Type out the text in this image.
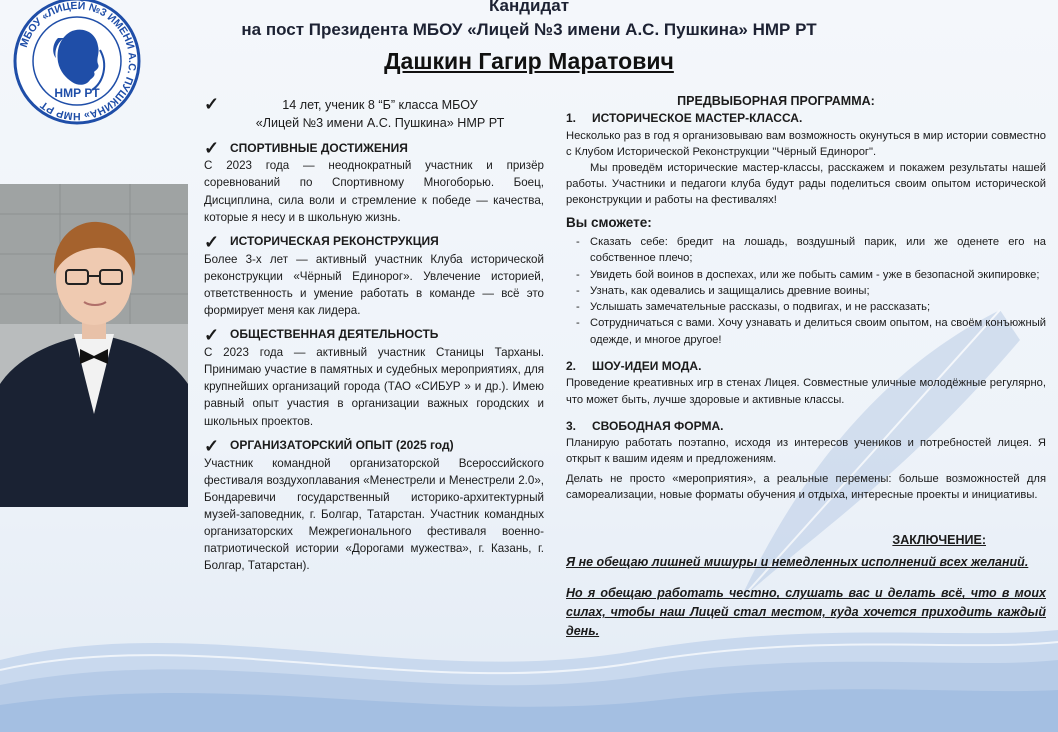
Кандидат
на пост Президента МБОУ «Лицей №3 имени А.С. Пушкина» НМР РТ
Дашкин Гагир Маратович
МБОУ «ЛИЦЕЙ №3 ИМЕНИ А.С. ПУШКИНА» НМР РТ
НМР РТ
✓	14 лет, ученик 8 “Б” класса МБОУ
«Лицей №3 имени А.С. Пушкина» НМР РТ
✓ СПОРТИВНЫЕ ДОСТИЖЕНИЯ

С 2023 года — неоднократный участник и призёр соревнований по Спортивному Многоборью. Боец, Дисциплина, сила воли и стремление к победе — качества, которые я несу и в школьную жизнь.

✓ ИСТОРИЧЕСКАЯ РЕКОНСТРУКЦИЯ

Более 3-х лет — активный участник Клуба исторической реконструкции «Чёрный Единорог». Увлечение историей, ответственность и умение работать в команде — всё это формирует меня как лидера.

✓ ОБЩЕСТВЕННАЯ ДЕЯТЕЛЬНОСТЬ

С 2023 года — активный участник Станицы Тарханы. Принимаю участие в памятных и судебных мероприятиях, для крупнейших организаций города (ТАО «СИБУР » и др.). Имею равный опыт участия в организации важных городских и школьных проектов.

✓ ОРГАНИЗАТОРСКИЙ ОПЫТ (2025 год)

Участник командной организаторской Всероссийского фестиваля воздухоплавания «Менестрели и Менестрели 2.0», Бондаревичи государственный историко-архитектурный музей-заповедник, г. Болгар, Татарстан. Участник командных организаторских Межрегионального фестиваля военно-патриотической истории «Дорогами мужества», г. Казань, г. Болгар, Татарстан).

ПРЕДВЫБОРНАЯ ПРОГРАММА:
1. ИСТОРИЧЕСКОЕ МАСТЕР-КЛАССА.

Несколько раз в год я организовываю вам возможность окунуться в мир истории совместно с Клубом Исторической Реконструкции "Чёрный Единорог".

Мы проведём исторические мастер-классы, расскажем и покажем результаты нашей работы. Участники и педагоги клуба будут рады поделиться своим опытом исторической реконструкции и работы на фестивалях!

Вы сможете:
- Сказать себе: бредит на лошадь, воздушный парик, или же оденете его на собственное плечо;
- Увидеть бой воинов в доспехах, или же побыть самим - уже в безопасной экипировке;
- Узнать, как одевались и защищались древние воины;
- Услышать замечательные рассказы, о подвигах, и не рассказать;
- Сотрудничаться с вами. Хочу узнавать и делиться своим опытом, на своём конъюжный одежде, и многое другое!
2. ШОУ-ИДЕИ МОДА.

Проведение креативных игр в стенах Лицея. Совместные уличные молодёжные регулярно, что может быть, лучше здоровые и активные классы.

3. СВОБОДНАЯ ФОРМА.

Планирую работать поэтапно, исходя из интересов учеников и потребностей лицея. Я открыт к вашим идеям и предложениям.

Делать не просто «мероприятия», а реальные перемены: больше возможностей для самореализации, новые форматы обучения и отдыха, интересные проекты и инициативы.

ЗАКЛЮЧЕНИЕ:

Я не обещаю лишней мишуры и немедленных исполнений всех желаний.

Но я обещаю работать честно, слушать вас и делать всё, что в моих силах, чтобы наш Лицей стал местом, куда хочется приходить каждый день.
